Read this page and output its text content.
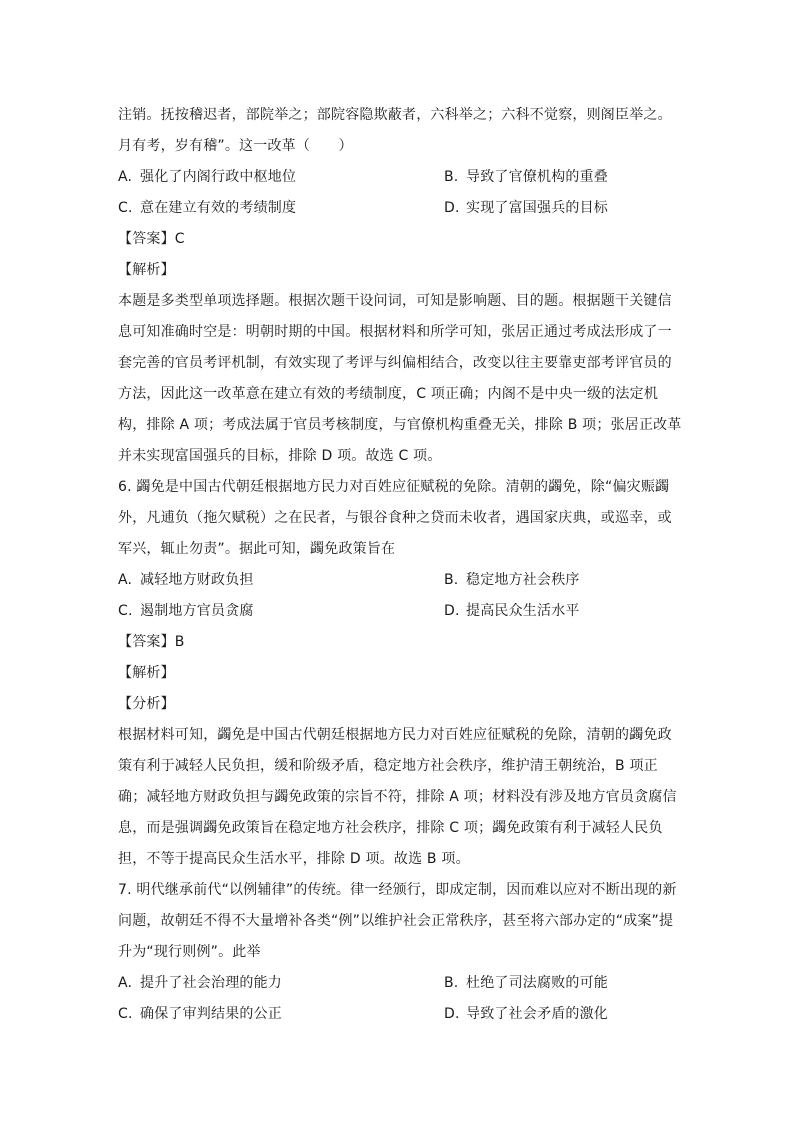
注销。抚按稽迟者，部院举之；部院容隐欺蔽者，六科举之；六科不觉察，则阁臣举之。
月有考，岁有稽”。这一改革（　　）
A. 强化了内阁行政中枢地位	B. 导致了官僚机构的重叠
C. 意在建立有效的考绩制度	D. 实现了富国强兵的目标
【答案】C
【解析】
本题是多类型单项选择题。根据次题干设问词，可知是影响题、目的题。根据题干关键信
息可知准确时空是：明朝时期的中国。根据材料和所学可知，张居正通过考成法形成了一
套完善的官员考评机制，有效实现了考评与纠偏相结合，改变以往主要靠吏部考评官员的
方法，因此这一改革意在建立有效的考绩制度，C 项正确；内阁不是中央一级的法定机
构，排除 A 项；考成法属于官员考核制度，与官僚机构重叠无关，排除 B 项；张居正改革
并未实现富国强兵的目标，排除 D 项。故选 C 项。
6. 蠲免是中国古代朝廷根据地方民力对百姓应征赋税的免除。清朝的蠲免，除“偏灾赈蠲
外，凡逋负（拖欠赋税）之在民者，与银谷食种之贷而未收者，遇国家庆典，或巡幸，或
军兴，辄止勿责”。据此可知，蠲免政策旨在
A. 减轻地方财政负担	B. 稳定地方社会秩序
C. 遏制地方官员贪腐	D. 提高民众生活水平
【答案】B
【解析】
【分析】
根据材料可知，蠲免是中国古代朝廷根据地方民力对百姓应征赋税的免除，清朝的蠲免政
策有利于减轻人民负担，缓和阶级矛盾，稳定地方社会秩序，维护清王朝统治，B 项正
确；减轻地方财政负担与蠲免政策的宗旨不符，排除 A 项；材料没有涉及地方官员贪腐信
息，而是强调蠲免政策旨在稳定地方社会秩序，排除 C 项；蠲免政策有利于减轻人民负
担，不等于提高民众生活水平，排除 D 项。故选 B 项。
7. 明代继承前代“以例辅律”的传统。律一经颁行，即成定制，因而难以应对不断出现的新
问题，故朝廷不得不大量增补各类“例”以维护社会正常秩序，甚至将六部办定的“成案”提
升为“现行则例”。此举
A. 提升了社会治理的能力	B. 杜绝了司法腐败的可能
C. 确保了审判结果的公正	D. 导致了社会矛盾的激化
